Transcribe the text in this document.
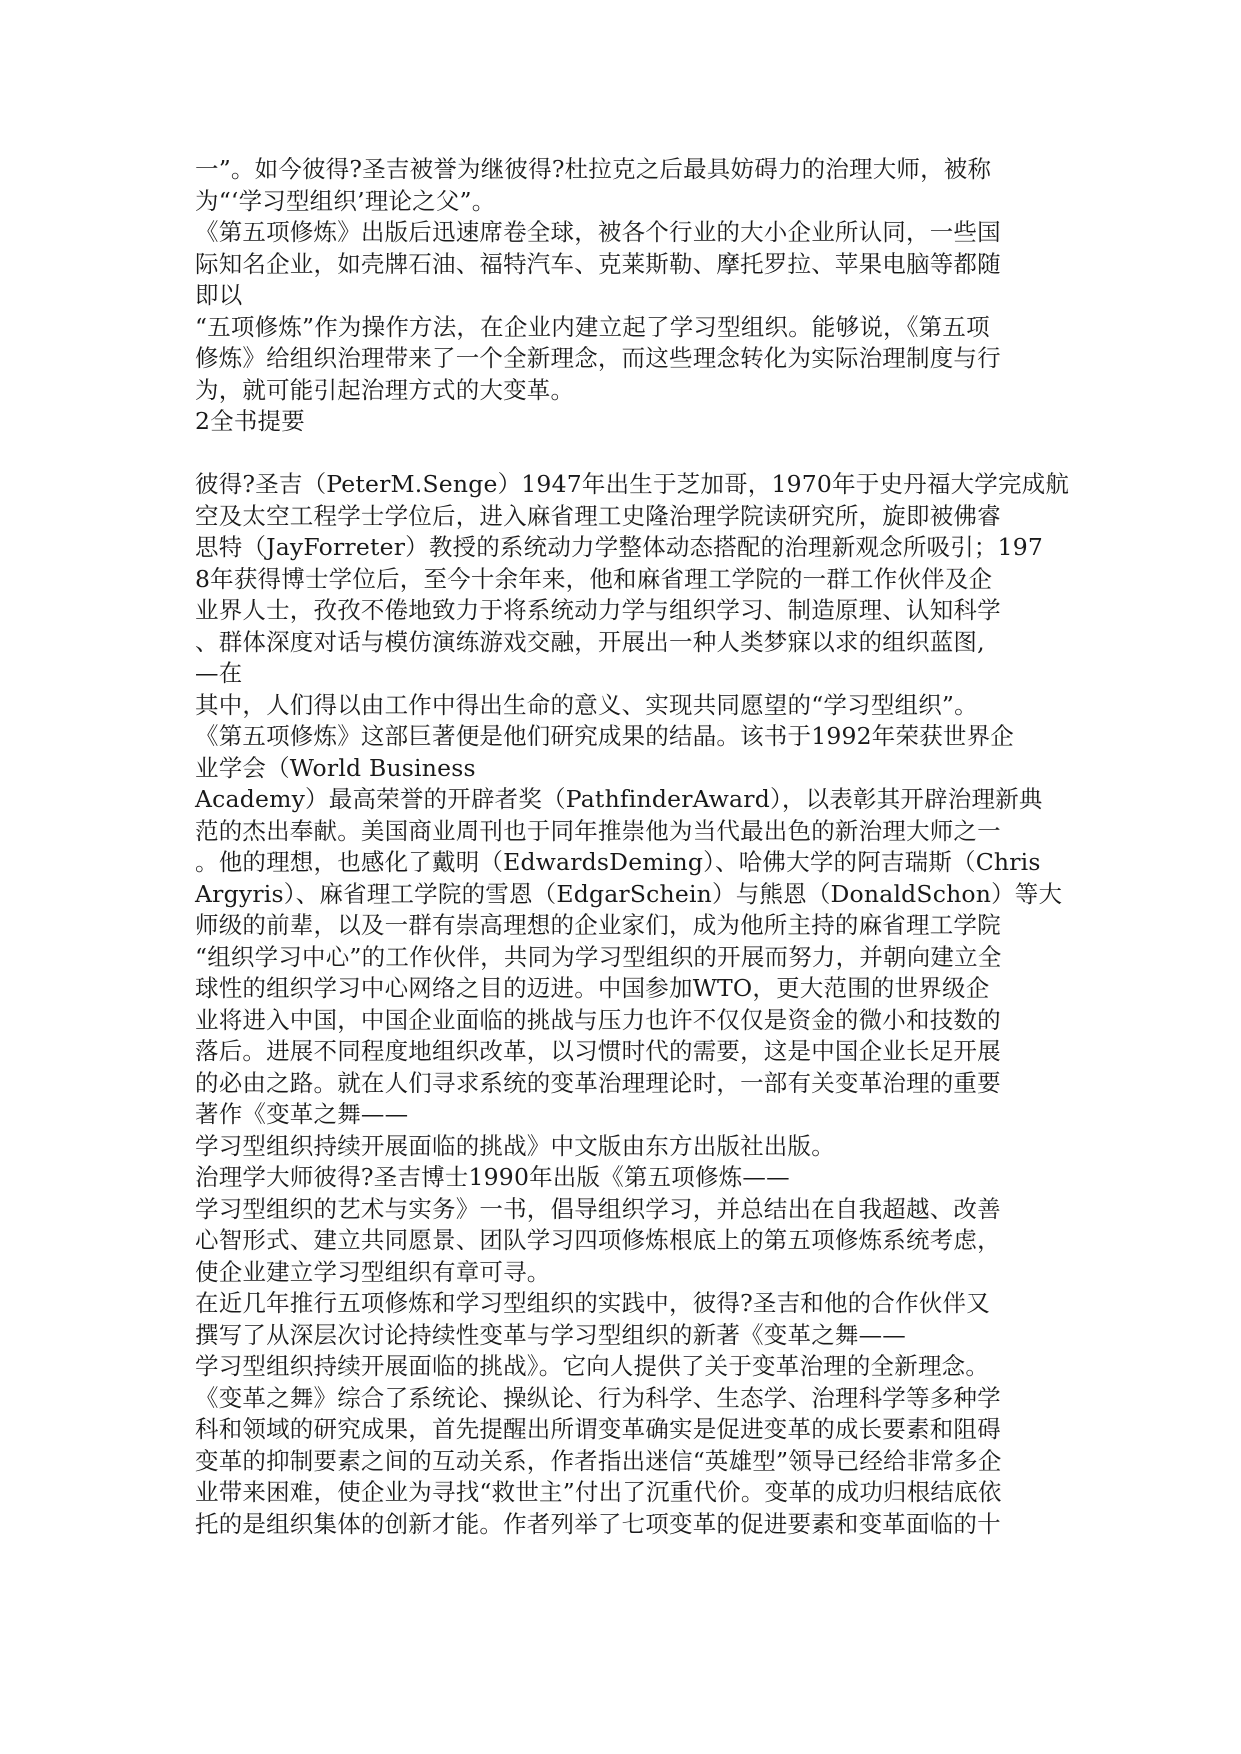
一”。如今彼得?圣吉被誉为继彼得?杜拉克之后最具妨碍力的治理大师，被称
为“‘学习型组织’理论之父”。
《第五项修炼》出版后迅速席卷全球，被各个行业的大小企业所认同，一些国
际知名企业，如壳牌石油、福特汽车、克莱斯勒、摩托罗拉、苹果电脑等都随
即以
“五项修炼”作为操作方法，在企业内建立起了学习型组织。能够说，《第五项
修炼》给组织治理带来了一个全新理念，而这些理念转化为实际治理制度与行
为，就可能引起治理方式的大变革。
2全书提要
彼得?圣吉（PeterM.Senge）1947年出生于芝加哥，1970年于史丹福大学完成航
空及太空工程学士学位后，进入麻省理工史隆治理学院读研究所，旋即被佛睿
思特（JayForreter）教授的系统动力学整体动态搭配的治理新观念所吸引；197
8年获得博士学位后，至今十余年来，他和麻省理工学院的一群工作伙伴及企
业界人士，孜孜不倦地致力于将系统动力学与组织学习、制造原理、认知科学
、群体深度对话与模仿演练游戏交融，开展出一种人类梦寐以求的组织蓝图,
—在
其中，人们得以由工作中得出生命的意义、实现共同愿望的“学习型组织”。
《第五项修炼》这部巨著便是他们研究成果的结晶。该书于1992年荣获世界企
业学会（World Business
Academy）最高荣誉的开辟者奖（PathfinderAward），以表彰其开辟治理新典
范的杰出奉献。美国商业周刊也于同年推崇他为当代最出色的新治理大师之一
。他的理想，也感化了戴明（EdwardsDeming）、哈佛大学的阿吉瑞斯（Chris
Argyris）、麻省理工学院的雪恩（EdgarSchein）与熊恩（DonaldSchon）等大
师级的前辈，以及一群有崇高理想的企业家们，成为他所主持的麻省理工学院
“组织学习中心”的工作伙伴，共同为学习型组织的开展而努力，并朝向建立全
球性的组织学习中心网络之目的迈进。中国参加WTO，更大范围的世界级企
业将进入中国，中国企业面临的挑战与压力也许不仅仅是资金的微小和技数的
落后。进展不同程度地组织改革，以习惯时代的需要，这是中国企业长足开展
的必由之路。就在人们寻求系统的变革治理理论时，一部有关变革治理的重要
著作《变革之舞——
学习型组织持续开展面临的挑战》中文版由东方出版社出版。
治理学大师彼得?圣吉博士1990年出版《第五项修炼——
学习型组织的艺术与实务》一书，倡导组织学习，并总结出在自我超越、改善
心智形式、建立共同愿景、团队学习四项修炼根底上的第五项修炼系统考虑，
使企业建立学习型组织有章可寻。
在近几年推行五项修炼和学习型组织的实践中，彼得?圣吉和他的合作伙伴又
撰写了从深层次讨论持续性变革与学习型组织的新著《变革之舞——
学习型组织持续开展面临的挑战》。它向人提供了关于变革治理的全新理念。
《变革之舞》综合了系统论、操纵论、行为科学、生态学、治理科学等多种学
科和领域的研究成果，首先提醒出所谓变革确实是促进变革的成长要素和阻碍
变革的抑制要素之间的互动关系，作者指出迷信“英雄型”领导已经给非常多企
业带来困难，使企业为寻找“救世主”付出了沉重代价。变革的成功归根结底依
托的是组织集体的创新才能。作者列举了七项变革的促进要素和变革面临的十
